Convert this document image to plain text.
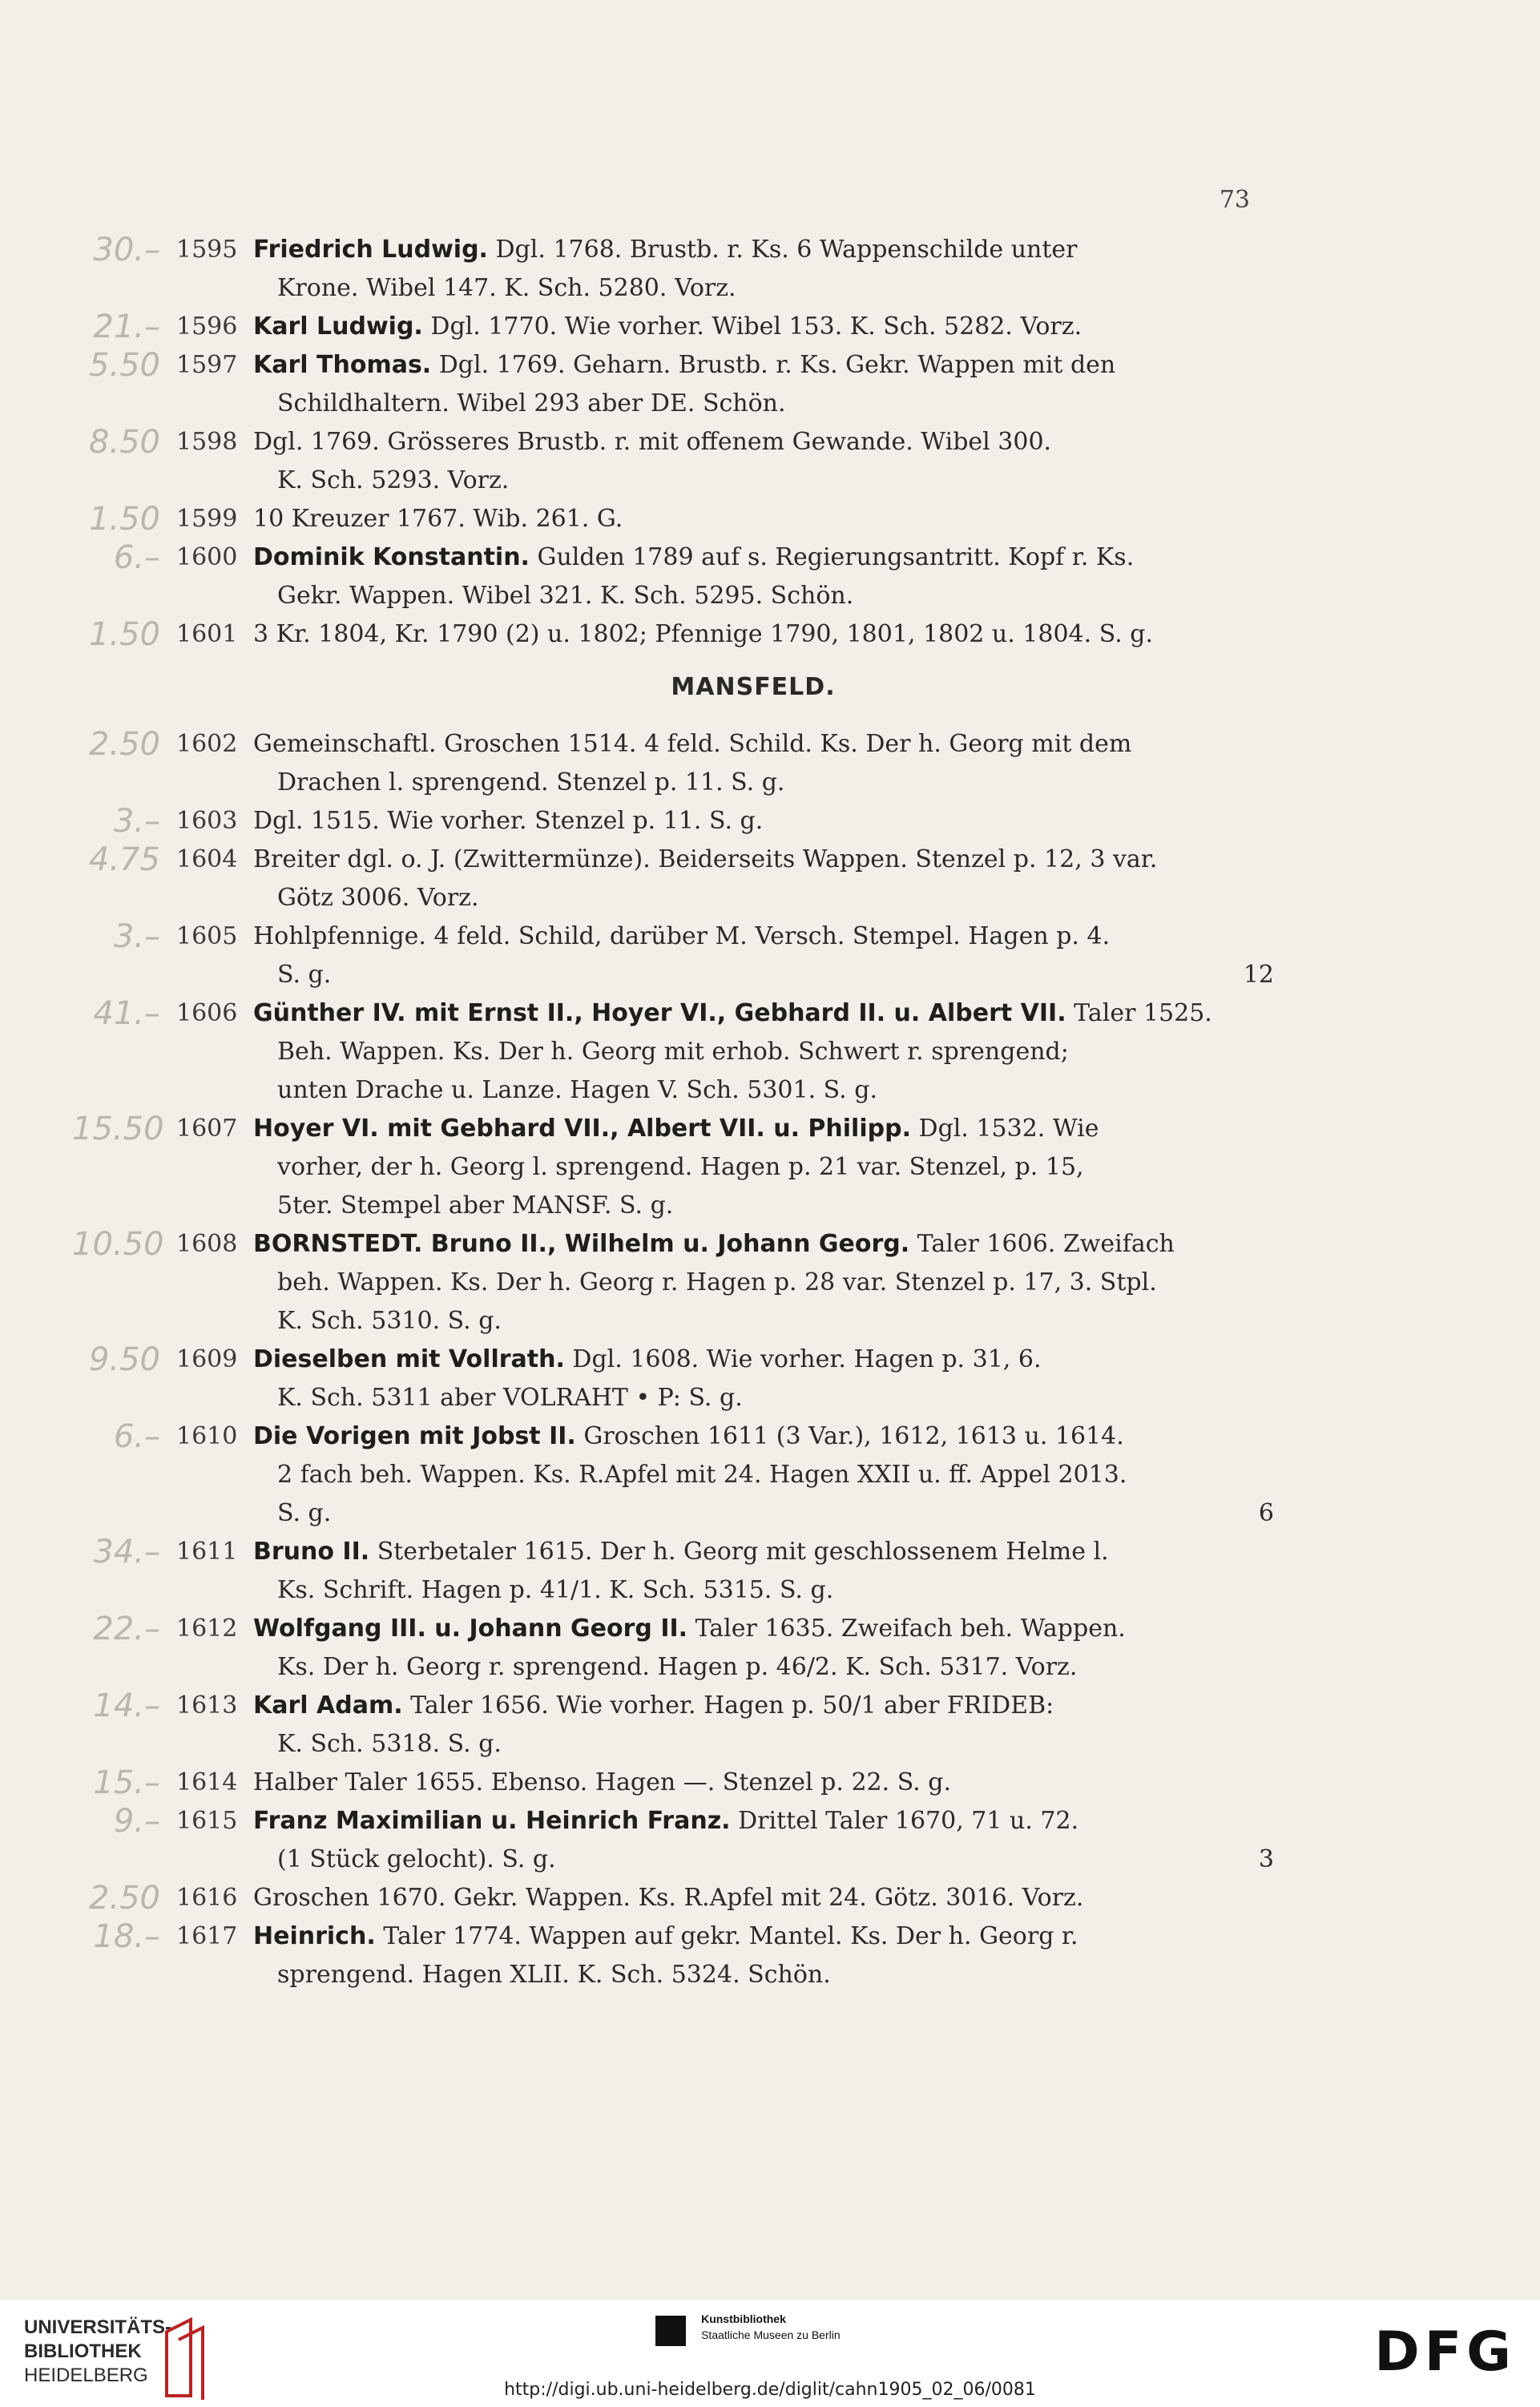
73
30.– 1595 Friedrich Ludwig. Dgl. 1768. Brustb. r. Ks. 6 Wappenschilde unter
Krone. Wibel 147. K. Sch. 5280. Vorz.
21.– 1596 Karl Ludwig. Dgl. 1770. Wie vorher. Wibel 153. K. Sch. 5282. Vorz.
5.50 1597 Karl Thomas. Dgl. 1769. Geharn. Brustb. r. Ks. Gekr. Wappen mit den
Schildhaltern. Wibel 293 aber DE. Schön.
8.50 1598 Dgl. 1769. Grösseres Brustb. r. mit offenem Gewande. Wibel 300.
K. Sch. 5293. Vorz.
1.50 1599 10 Kreuzer 1767. Wib. 261. G.
6.– 1600 Dominik Konstantin. Gulden 1789 auf s. Regierungsantritt. Kopf r. Ks.
Gekr. Wappen. Wibel 321. K. Sch. 5295. Schön.
1.50 1601 3 Kr. 1804, Kr. 1790 (2) u. 1802; Pfennige 1790, 1801, 1802 u. 1804. S. g.
MANSFELD.
2.50 1602 Gemeinschaftl. Groschen 1514. 4 feld. Schild. Ks. Der h. Georg mit dem
Drachen l. sprengend. Stenzel p. 11. S. g.
3.– 1603 Dgl. 1515. Wie vorher. Stenzel p. 11. S. g.
4.75 1604 Breiter dgl. o. J. (Zwittermünze). Beiderseits Wappen. Stenzel p. 12, 3 var.
Götz 3006. Vorz.
3.– 1605 Hohlpfennige. 4 feld. Schild, darüber M. Versch. Stempel. Hagen p. 4.
12
S. g.
41.– 1606 Günther IV. mit Ernst II., Hoyer VI., Gebhard II. u. Albert VII. Taler 1525.
Beh. Wappen. Ks. Der h. Georg mit erhob. Schwert r. sprengend;
unten Drache u. Lanze. Hagen V. Sch. 5301. S. g.
15.50 1607 Hoyer VI. mit Gebhard VII., Albert VII. u. Philipp. Dgl. 1532. Wie
vorher, der h. Georg l. sprengend. Hagen p. 21 var. Stenzel, p. 15,
5ter. Stempel aber MANSF. S. g.
10.50 1608 BORNSTEDT. Bruno II., Wilhelm u. Johann Georg. Taler 1606. Zweifach
beh. Wappen. Ks. Der h. Georg r. Hagen p. 28 var. Stenzel p. 17, 3. Stpl.
K. Sch. 5310. S. g.
9.50 1609 Dieselben mit Vollrath. Dgl. 1608. Wie vorher. Hagen p. 31, 6.
K. Sch. 5311 aber VOLRAHT • P: S. g.
6.– 1610 Die Vorigen mit Jobst II. Groschen 1611 (3 Var.), 1612, 1613 u. 1614.
2 fach beh. Wappen. Ks. R.Apfel mit 24. Hagen XXII u. ff. Appel 2013.
6
S. g.
34.– 1611 Bruno II. Sterbetaler 1615. Der h. Georg mit geschlossenem Helme l.
Ks. Schrift. Hagen p. 41/1. K. Sch. 5315. S. g.
22.– 1612 Wolfgang III. u. Johann Georg II. Taler 1635. Zweifach beh. Wappen.
Ks. Der h. Georg r. sprengend. Hagen p. 46/2. K. Sch. 5317. Vorz.
14.– 1613 Karl Adam. Taler 1656. Wie vorher. Hagen p. 50/1 aber FRIDEB:
K. Sch. 5318. S. g.
15.– 1614 Halber Taler 1655. Ebenso. Hagen —. Stenzel p. 22. S. g.
9.– 1615 Franz Maximilian u. Heinrich Franz. Drittel Taler 1670, 71 u. 72.
3
(1 Stück gelocht). S. g.
2.50 1616 Groschen 1670. Gekr. Wappen. Ks. R.Apfel mit 24. Götz. 3016. Vorz.
18.– 1617 Heinrich. Taler 1774. Wappen auf gekr. Mantel. Ks. Der h. Georg r.
sprengend. Hagen XLII. K. Sch. 5324. Schön.
UNIVERSITÄTS-
BIBLIOTHEK
HEIDELBERG
Kunstbibliothek
Staatliche Museen zu Berlin	DFG
http://digi.ub.uni-heidelberg.de/diglit/cahn1905_02_06/0081
